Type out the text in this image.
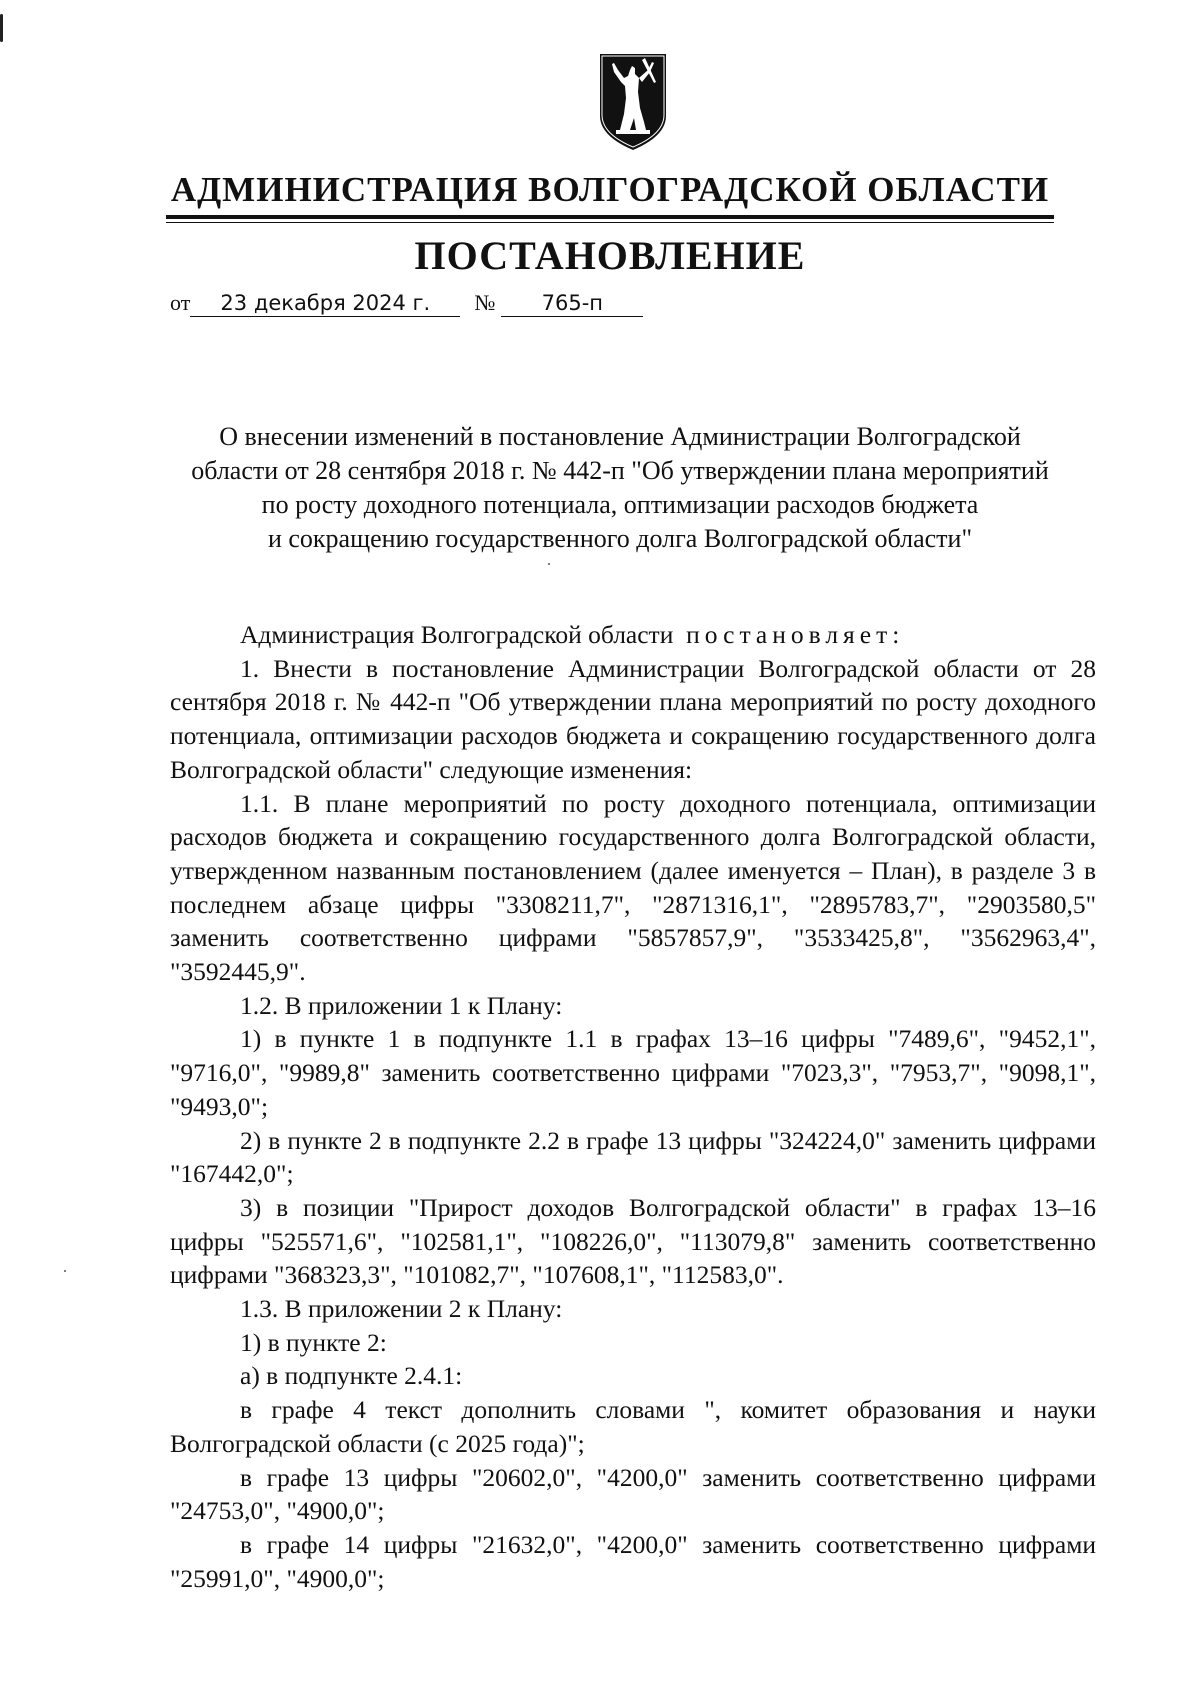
АДМИНИСТРАЦИЯ ВОЛГОГРАДСКОЙ ОБЛАСТИ
ПОСТАНОВЛЕНИЕ
от 23 декабря 2024 г. № 765-п
О внесении изменений в постановление Администрации Волгоградской
области от 28 сентября 2018 г. № 442-п "Об утверждении плана мероприятий
по росту доходного потенциала, оптимизации расходов бюджета
и сокращению государственного долга Волгоградской области"

Администрация Волгоградской области постановляет:

1. Внести в постановление Администрации Волгоградской области от 28 сентября 2018 г. № 442-п "Об утверждении плана мероприятий по росту доходного потенциала, оптимизации расходов бюджета и сокращению государственного долга Волгоградской области" следующие изменения:

1.1. В плане мероприятий по росту доходного потенциала, оптимизации расходов бюджета и сокращению государственного долга Волгоградской области, утвержденном названным постановлением (далее именуется – План), в разделе 3 в последнем абзаце цифры "3308211,7", "2871316,1", "2895783,7", "2903580,5" заменить соответственно цифрами "5857857,9", "3533425,8", "3562963,4", "3592445,9".

1.2. В приложении 1 к Плану:

1) в пункте 1 в подпункте 1.1 в графах 13–16 цифры "7489,6", "9452,1", "9716,0", "9989,8" заменить соответственно цифрами "7023,3", "7953,7", "9098,1", "9493,0";

2) в пункте 2 в подпункте 2.2 в графе 13 цифры "324224,0" заменить цифрами "167442,0";

3) в позиции "Прирост доходов Волгоградской области" в графах 13–16 цифры "525571,6", "102581,1", "108226,0", "113079,8" заменить соответственно цифрами "368323,3", "101082,7", "107608,1", "112583,0".

1.3. В приложении 2 к Плану:

1) в пункте 2:

а) в подпункте 2.4.1:

в графе 4 текст дополнить словами ", комитет образования и науки Волгоградской области (с 2025 года)";

в графе 13 цифры "20602,0", "4200,0" заменить соответственно цифрами "24753,0", "4900,0";

в графе 14 цифры "21632,0", "4200,0" заменить соответственно цифрами "25991,0", "4900,0";
